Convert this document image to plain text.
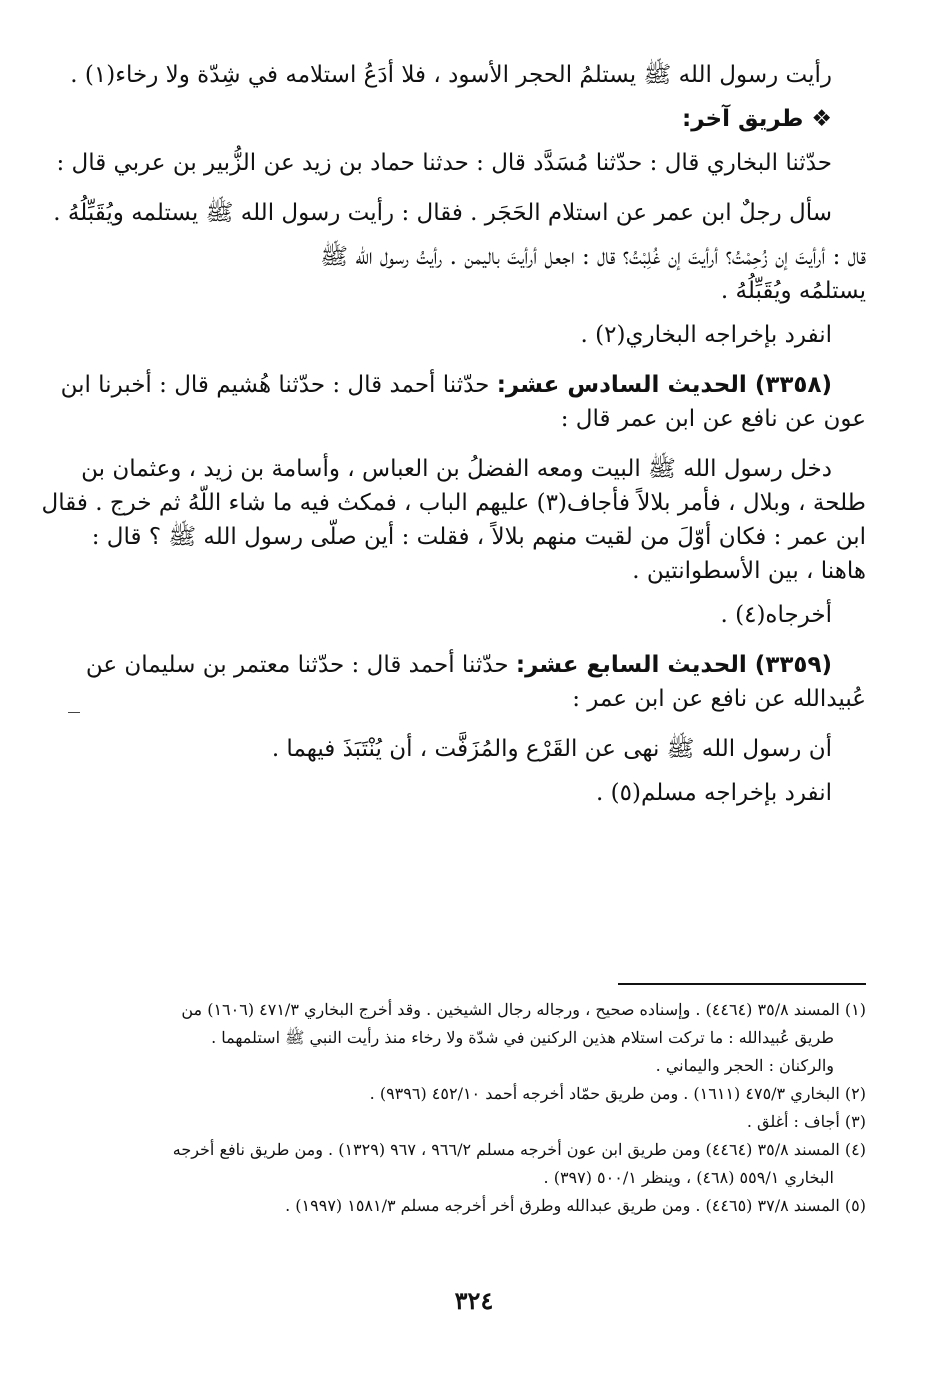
رأيت رسول الله ﷺ يستلمُ الحجر الأسود ، فلا أدَعُ استلامه في شِدّة ولا رخاء(١) .
❖ طريق آخر:
حدّثنا البخاري قال : حدّثنا مُسَدَّد قال : حدثنا حماد بن زيد عن الزُّبير بن عربي قال :
سأل رجلٌ ابن عمر عن استلام الحَجَر . فقال : رأيت رسول الله ﷺ يستلمه ويُقَبِّلُهُ .
قال : أرأيتَ إن زُحِمْتُ؟ أرأيتَ إن غُلِبْتُ؟ قال : اجعل أرأيتَ باليمن . رأيتُ رسول الله ﷺ
يستلمُه ويُقَبِّلُهُ .
انفرد بإخراجه البخاري(٢) .
(٣٣٥٨) الحديث السادس عشر: حدّثنا أحمد قال : حدّثنا هُشيم قال : أخبرنا ابن
عون عن نافع عن ابن عمر قال :
دخل رسول الله ﷺ البيت ومعه الفضلُ بن العباس ، وأسامة بن زيد ، وعثمان بن
طلحة ، وبلال ، فأمر بلالاً فأجاف(٣) عليهم الباب ، فمكث فيه ما شاء اللّهُ ثم خرج . فقال
ابن عمر : فكان أوّلَ من لقيت منهم بلالاً ، فقلت : أين صلّى رسول الله ﷺ ؟ قال :
هاهنا ، بين الأسطوانتين .
أخرجاه(٤) .
(٣٣٥٩) الحديث السابع عشر: حدّثنا أحمد قال : حدّثنا معتمر بن سليمان عن
عُبيدالله عن نافع عن ابن عمر :
أن رسول الله ﷺ نهى عن القَرْع والمُزَفَّت ، أن يُنْتَبَذَ فيهما .
انفرد بإخراجه مسلم(٥) .
(١) المسند ٣٥/٨ (٤٤٦٤) . وإسناده صحيح ، ورجاله رجال الشيخين . وقد أخرج البخاري ٤٧١/٣ (١٦٠٦) من
طريق عُبيدالله : ما تركت استلام هذين الركنين في شدّة ولا رخاء منذ رأيت النبي ﷺ استلمهما .
والركنان : الحجر واليماني .
(٢) البخاري ٤٧٥/٣ (١٦١١) . ومن طريق حمّاد أخرجه أحمد ٤٥٢/١٠ (٩٣٩٦) .
(٣) أجاف : أغلق .
(٤) المسند ٣٥/٨ (٤٤٦٤) ومن طريق ابن عون أخرجه مسلم ٩٦٦/٢ ، ٩٦٧ (١٣٢٩) . ومن طريق نافع أخرجه
البخاري ٥٥٩/١ (٤٦٨) ، وينظر ٥٠٠/١ (٣٩٧) .
(٥) المسند ٣٧/٨ (٤٤٦٥) . ومن طريق عبدالله وطرق أخر أخرجه مسلم ١٥٨١/٣ (١٩٩٧) .
٣٢٤
